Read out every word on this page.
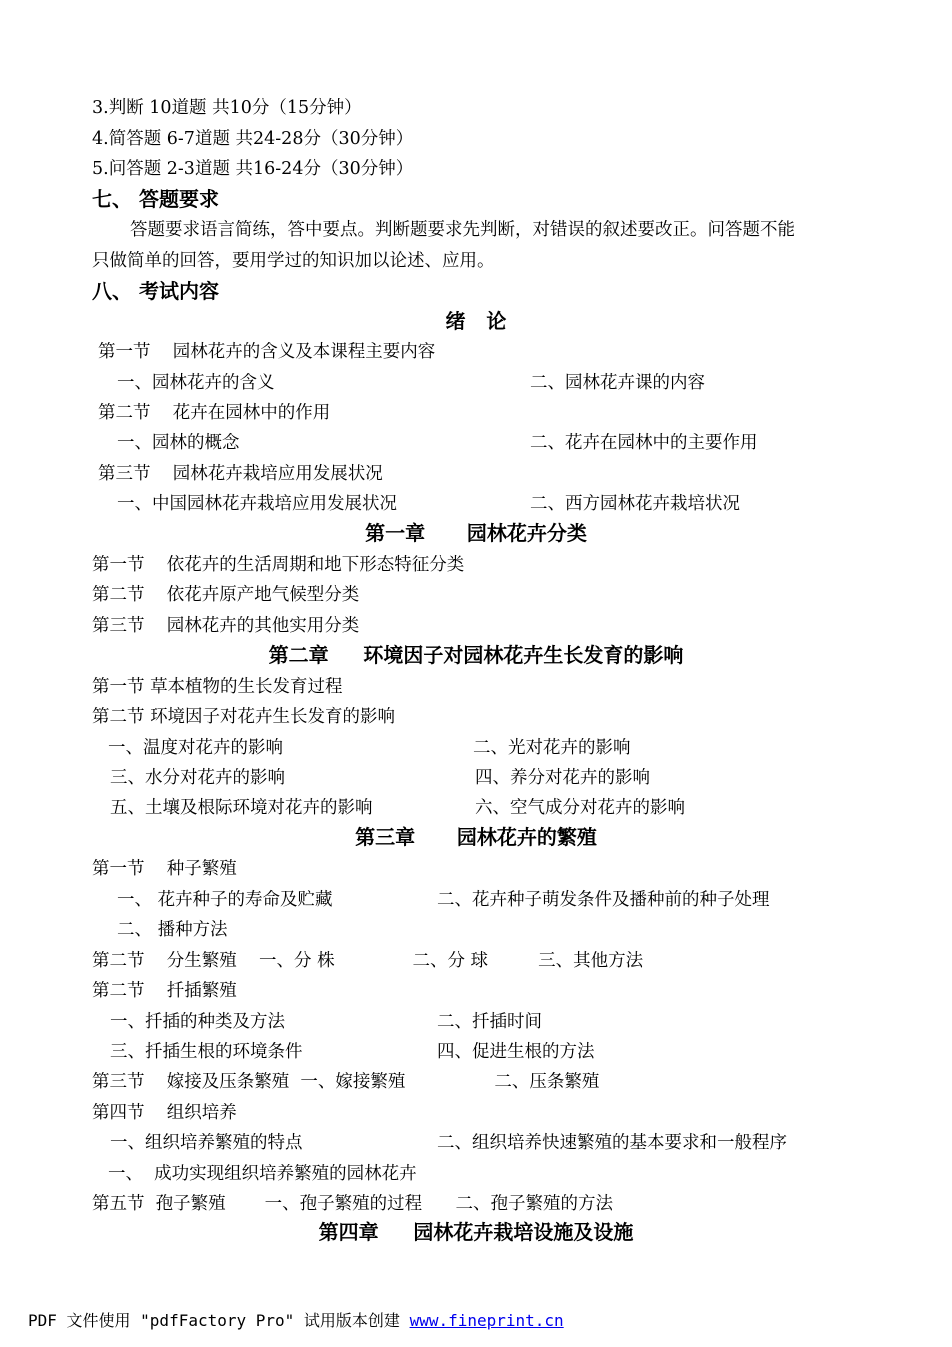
3.判断 10道题 共10分（15分钟）
4.简答题 6-7道题 共24-28分（30分钟）
5.问答题 2-3道题 共16-24分（30分钟）
七、 答题要求
答题要求语言简练，答中要点。判断题要求先判断，对错误的叙述要改正。问答题不能
只做简单的回答，要用学过的知识加以论述、应用。
八、 考试内容
绪   论
第一节    园林花卉的含义及本课程主要内容
一、园林花卉的含义	二、园林花卉课的内容
第二节    花卉在园林中的作用
一、园林的概念	二、花卉在园林中的主要作用
第三节    园林花卉栽培应用发展状况
一、中国园林花卉栽培应用发展状况	二、西方园林花卉栽培状况
第一章      园林花卉分类
第一节    依花卉的生活周期和地下形态特征分类
第二节    依花卉原产地气候型分类
第三节    园林花卉的其他实用分类
第二章     环境因子对园林花卉生长发育的影响
第一节 草本植物的生长发育过程
第二节 环境因子对花卉生长发育的影响
一、温度对花卉的影响	二、光对花卉的影响
三、水分对花卉的影响	四、养分对花卉的影响
五、土壤及根际环境对花卉的影响	六、空气成分对花卉的影响
第三章      园林花卉的繁殖
第一节    种子繁殖
一、 花卉种子的寿命及贮藏	二、花卉种子萌发条件及播种前的种子处理
二、 播种方法
第二节    分生繁殖    一、分 株              二、分 球         三、其他方法
第二节    扦插繁殖
一、扦插的种类及方法	二、扦插时间
三、扦插生根的环境条件	四、促进生根的方法
第三节    嫁接及压条繁殖  一、嫁接繁殖                二、压条繁殖
第四节    组织培养
一、组织培养繁殖的特点	二、组织培养快速繁殖的基本要求和一般程序
一、  成功实现组织培养繁殖的园林花卉
第五节  孢子繁殖       一、孢子繁殖的过程      二、孢子繁殖的方法
第四章     园林花卉栽培设施及设施
PDF 文件使用 "pdfFactory Pro" 试用版本创建 www.fineprint.cn
